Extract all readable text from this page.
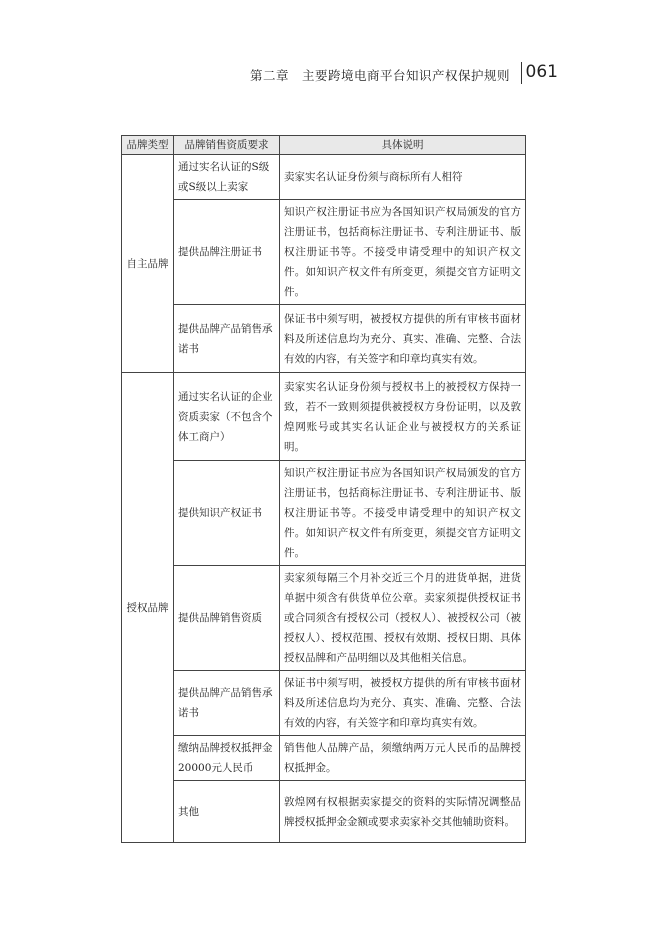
第二章　主要跨境电商平台知识产权保护规则 061
品牌类型	品牌销售资质要求	具体说明
自主品牌	通过实名认证的S级或S级以上卖家	卖家实名认证身份须与商标所有人相符
	提供品牌注册证书	知识产权注册证书应为各国知识产权局颁发的官方注册证书，包括商标注册证书、专利注册证书、版权注册证书等。不接受申请受理中的知识产权文件。如知识产权文件有所变更，须提交官方证明文件。
	提供品牌产品销售承诺书	保证书中须写明，被授权方提供的所有审核书面材料及所述信息均为充分、真实、准确、完整、合法有效的内容，有关签字和印章均真实有效。
授权品牌	通过实名认证的企业资质卖家（不包含个体工商户）	卖家实名认证身份须与授权书上的被授权方保持一致，若不一致则须提供被授权方身份证明，以及敦煌网账号或其实名认证企业与被授权方的关系证明。
	提供知识产权证书	知识产权注册证书应为各国知识产权局颁发的官方注册证书，包括商标注册证书、专利注册证书、版权注册证书等。不接受申请受理中的知识产权文件。如知识产权文件有所变更，须提交官方证明文件。
	提供品牌销售资质	卖家须每隔三个月补交近三个月的进货单据，进货单据中须含有供货单位公章。卖家须提供授权证书或合同须含有授权公司（授权人）、被授权公司（被授权人）、授权范围、授权有效期、授权日期、具体授权品牌和产品明细以及其他相关信息。
	提供品牌产品销售承诺书	保证书中须写明，被授权方提供的所有审核书面材料及所述信息均为充分、真实、准确、完整、合法有效的内容，有关签字和印章均真实有效。
	缴纳品牌授权抵押金20000元人民币	销售他人品牌产品，须缴纳两万元人民币的品牌授权抵押金。
	其他	敦煌网有权根据卖家提交的资料的实际情况调整品牌授权抵押金金额或要求卖家补交其他辅助资料。
